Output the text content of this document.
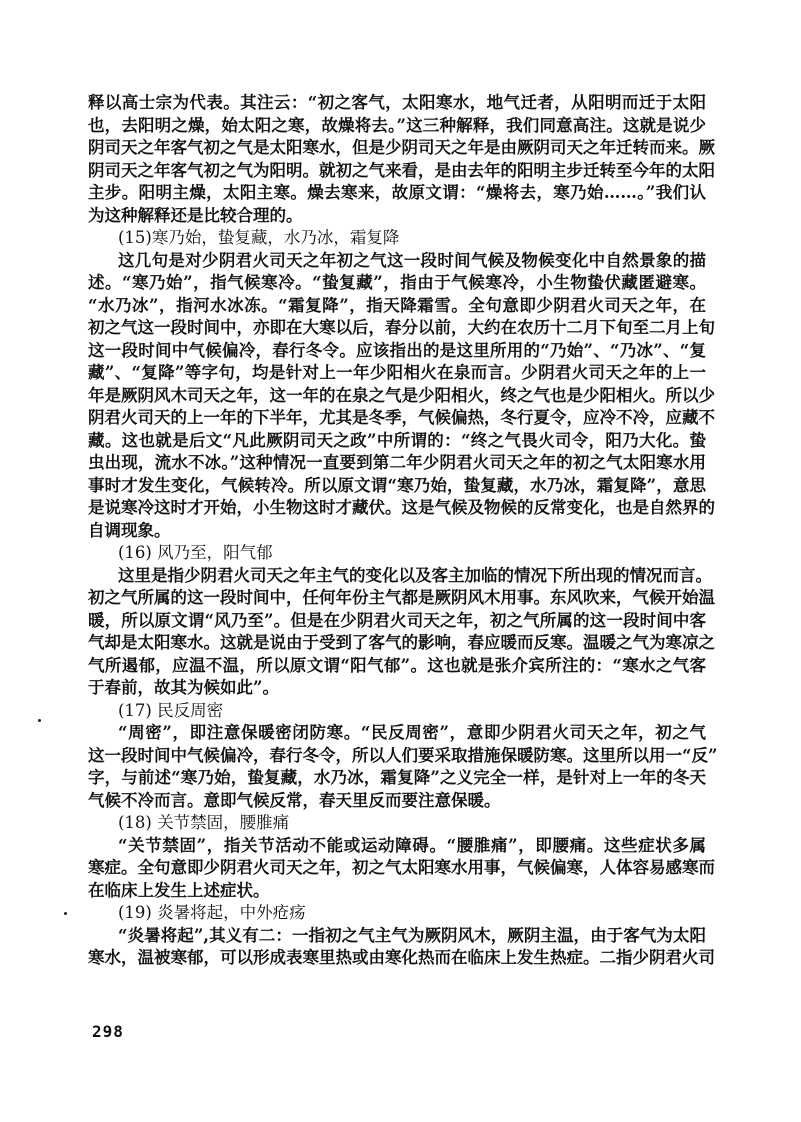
释以高士宗为代表。其注云：“初之客气，太阳寒水，地气迁者，从阳明而迁于太阳
也，去阳明之燥，始太阳之寒，故燥将去。”这三种解释，我们同意高注。这就是说少
阴司天之年客气初之气是太阳寒水，但是少阴司天之年是由厥阴司天之年迁转而来。厥
阴司天之年客气初之气为阳明。就初之气来看，是由去年的阳明主步迁转至今年的太阳
主步。阳明主燥，太阳主寒。燥去寒来，故原文谓：“燥将去，寒乃始……。”我们认
为这种解释还是比较合理的。
(15)寒乃始，蛰复藏，水乃冰，霜复降
这几句是对少阴君火司天之年初之气这一段时间气候及物候变化中自然景象的描
述。“寒乃始”，指气候寒冷。“蛰复藏”，指由于气候寒冷，小生物蛰伏藏匿避寒。
“水乃冰”，指河水冰冻。“霜复降”，指天降霜雪。全句意即少阴君火司天之年，在
初之气这一段时间中，亦即在大寒以后，春分以前，大约在农历十二月下旬至二月上旬
这一段时间中气候偏冷，春行冬令。应该指出的是这里所用的“乃始”、“乃冰”、“复
藏”、“复降”等字句，均是针对上一年少阳相火在泉而言。少阴君火司天之年的上一
年是厥阴风木司天之年，这一年的在泉之气是少阳相火，终之气也是少阳相火。所以少
阴君火司天的上一年的下半年，尤其是冬季，气候偏热，冬行夏令，应冷不冷，应藏不
藏。这也就是后文“凡此厥阴司天之政”中所谓的：“终之气畏火司令，阳乃大化。蛰
虫出现，流水不冰。”这种情况一直要到第二年少阴君火司天之年的初之气太阳寒水用
事时才发生变化，气候转冷。所以原文谓“寒乃始，蛰复藏，水乃冰，霜复降”，意思
是说寒冷这时才开始，小生物这时才藏伏。这是气候及物候的反常变化，也是自然界的
自调现象。
(16) 风乃至，阳气郁
这里是指少阴君火司天之年主气的变化以及客主加临的情况下所出现的情况而言。
初之气所属的这一段时间中，任何年份主气都是厥阴风木用事。东风吹来，气候开始温
暖，所以原文谓“风乃至”。但是在少阴君火司天之年，初之气所属的这一段时间中客
气却是太阳寒水。这就是说由于受到了客气的影响，春应暖而反寒。温暖之气为寒凉之
气所遏郁，应温不温，所以原文谓“阳气郁”。这也就是张介宾所注的：“寒水之气客
于春前，故其为候如此”。
(17) 民反周密
“周密”，即注意保暖密闭防寒。“民反周密”，意即少阴君火司天之年，初之气
这一段时间中气候偏冷，春行冬令，所以人们要采取措施保暖防寒。这里所以用一“反”
字，与前述“寒乃始，蛰复藏，水乃冰，霜复降”之义完全一样，是针对上一年的冬天
气候不冷而言。意即气候反常，春天里反而要注意保暖。
(18) 关节禁固，腰脽痛
“关节禁固”，指关节活动不能或运动障碍。“腰脽痛”，即腰痛。这些症状多属
寒症。全句意即少阴君火司天之年，初之气太阳寒水用事，气候偏寒，人体容易感寒而
在临床上发生上述症状。
(19) 炎暑将起，中外疮疡
“炎暑将起”,其义有二：一指初之气主气为厥阴风木，厥阴主温，由于客气为太阳
寒水，温被寒郁，可以形成表寒里热或由寒化热而在临床上发生热症。二指少阴君火司
298
